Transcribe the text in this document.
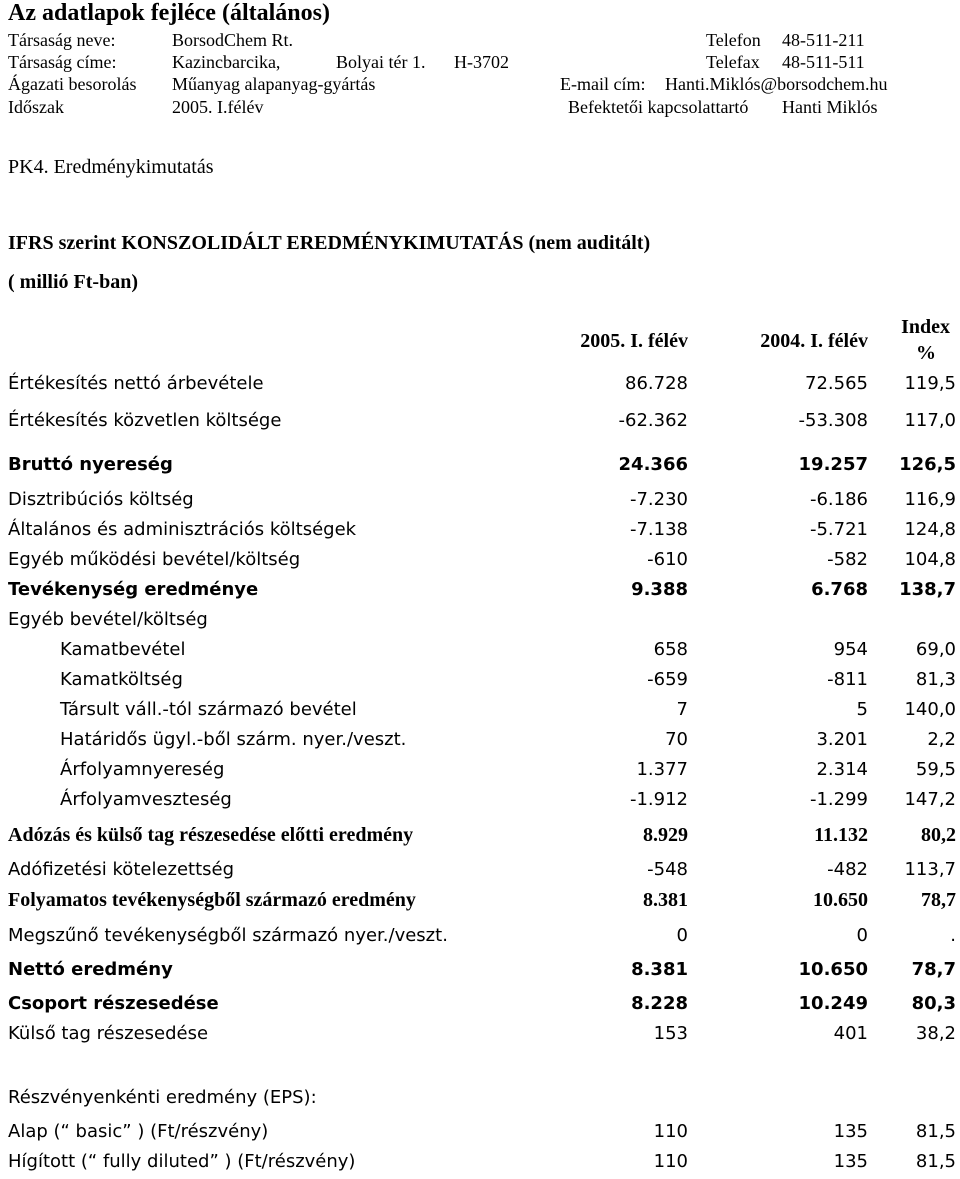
Az adatlapok fejléce (általános)
Társaság neve:	BorsodChem Rt.	Telefon 48-511-211
Társaság címe:	Kazincbarcika,	Bolyai tér 1. H-3702	Telefax 48-511-511
Ágazati besorolás Műanyag alapanyag-gyártás	E-mail cím: Hanti.Miklós@borsodchem.hu
Időszak	2005. I.félév	Befektetői kapcsolattartó Hanti Miklós
PK4. Eredménykimutatás
IFRS szerint KONSZOLIDÁLT EREDMÉNYKIMUTATÁS (nem auditált)
( millió Ft-ban)
2005. I. félév	2004. I. félév
Index
%
Értékesítés nettó árbevétele	86.728	72.565 119,5
Értékesítés közvetlen költsége	-62.362	-53.308 117,0
Bruttó nyereség	24.366	19.257 126,5
Disztribúciós költség	-7.230	-6.186 116,9
Általános és adminisztrációs költségek	-7.138	-5.721 124,8
Egyéb működési bevétel/költség	-610	-582 104,8
Tevékenység eredménye	9.388	6.768 138,7
Egyéb bevétel/költség
Kamatbevétel	658	954	69,0
Kamatköltség	-659	-811	81,3
Társult váll.-tól származó bevétel	7	5 140,0
Határidős ügyl.-ből szárm. nyer./veszt.	70	3.201	2,2
Árfolyamnyereség	1.377	2.314	59,5
Árfolyamveszteség	-1.912	-1.299 147,2
Adózás és külső tag részesedése előtti eredmény	8.929	11.132	80,2
Adófizetési kötelezettség	-548	-482 113,7
Folyamatos tevékenységből származó eredmény	8.381	10.650	78,7
Megszűnő tevékenységből származó nyer./veszt.	0	0	.
Nettó eredmény	8.381	10.650 78,7
Csoport részesedése	8.228	10.249 80,3
Külső tag részesedése	153	401	38,2
Részvényenkénti eredmény (EPS):
Alap (“ basic” ) (Ft/részvény)	110	135	81,5
Hígított (“ fully diluted” ) (Ft/részvény)	110	135	81,5
